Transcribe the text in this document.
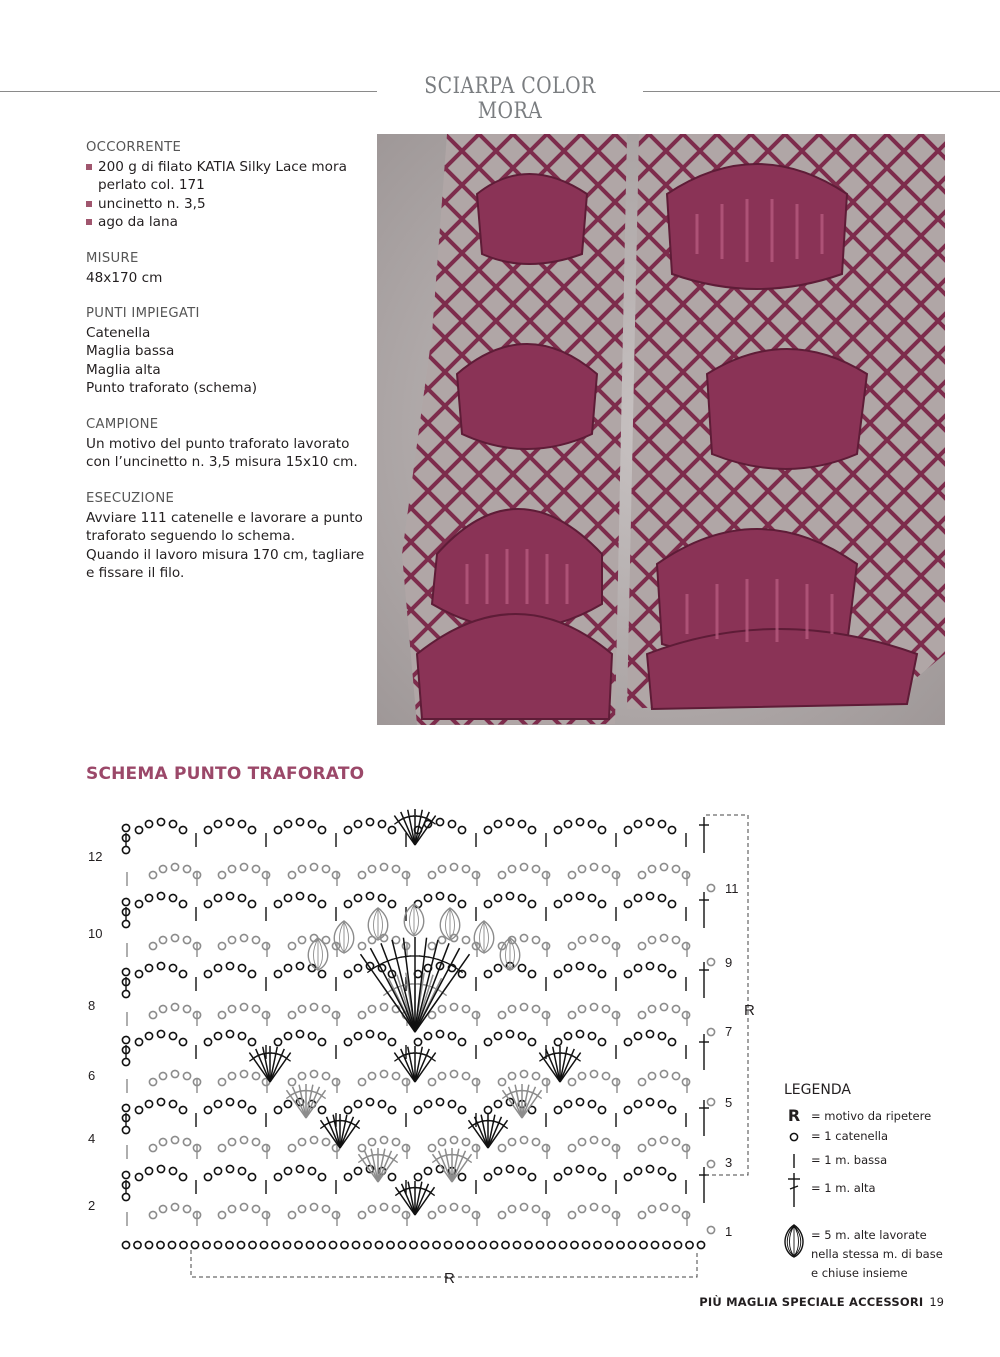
SCIARPA COLOR MORA
OCCORRENTE
200 g di filato KATIA Silky Lace mora
perlato col. 171
uncinetto n. 3,5
ago da lana
MISURE
48x170 cm
PUNTI IMPIEGATI
Catenella
Maglia bassa
Maglia alta
Punto traforato (schema)
CAMPIONE
Un motivo del punto traforato lavorato
con l’uncinetto n. 3,5 misura 15x10 cm.
ESECUZIONE
Avviare 111 catenelle e lavorare a punto
traforato seguendo lo schema.
Quando il lavoro misura 170 cm, tagliare
e fissare il filo.
SCHEMA PUNTO TRAFORATO
12
10
8
6
4
2
11
9
7
5
3
1
R
R
LEGENDA
R = motivo da ripetere
= 1 catenella
= 1 m. bassa
= 1 m. alta
= 5 m. alte lavorate
nella stessa m. di base
e chiuse insieme
PIÙ MAGLIA SPECIALE ACCESSORI 19
